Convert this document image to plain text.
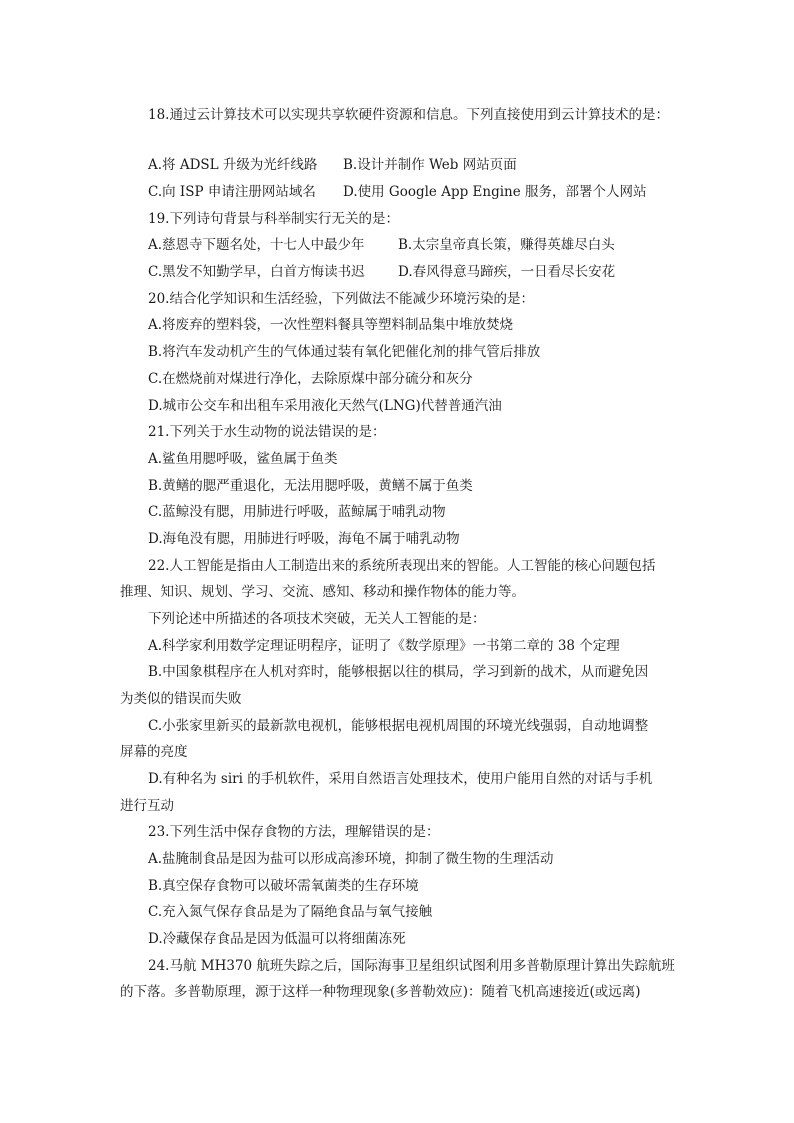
18.通过云计算技术可以实现共享软硬件资源和信息。下列直接使用到云计算技术的是：
A.将 ADSL 升级为光纤线路 B.设计并制作 Web 网站页面
C.向 ISP 申请注册网站域名 D.使用 Google App Engine 服务，部署个人网站
19.下列诗句背景与科举制实行无关的是：
A.慈恩寺下题名处，十七人中最少年 B.太宗皇帝真长策，赚得英雄尽白头
C.黑发不知勤学早，白首方悔读书迟 D.春风得意马蹄疾，一日看尽长安花
20.结合化学知识和生活经验，下列做法不能减少环境污染的是：
A.将废弃的塑料袋，一次性塑料餐具等塑料制品集中堆放焚烧
B.将汽车发动机产生的气体通过装有氧化钯催化剂的排气管后排放
C.在燃烧前对煤进行净化，去除原煤中部分硫分和灰分
D.城市公交车和出租车采用液化天然气(LNG)代替普通汽油
21.下列关于水生动物的说法错误的是：
A.鲨鱼用腮呼吸，鲨鱼属于鱼类
B.黄鳝的腮严重退化，无法用腮呼吸，黄鳝不属于鱼类
C.蓝鲸没有腮，用肺进行呼吸，蓝鲸属于哺乳动物
D.海龟没有腮，用肺进行呼吸，海龟不属于哺乳动物
22.人工智能是指由人工制造出来的系统所表现出来的智能。人工智能的核心问题包括
推理、知识、规划、学习、交流、感知、移动和操作物体的能力等。
下列论述中所描述的各项技术突破，无关人工智能的是：
A.科学家利用数学定理证明程序，证明了《数学原理》一书第二章的 38 个定理
B.中国象棋程序在人机对弈时，能够根据以往的棋局，学习到新的战术，从而避免因
为类似的错误而失败
C.小张家里新买的最新款电视机，能够根据电视机周围的环境光线强弱，自动地调整
屏幕的亮度
D.有种名为 siri 的手机软件，采用自然语言处理技术，使用户能用自然的对话与手机
进行互动
23.下列生活中保存食物的方法，理解错误的是：
A.盐腌制食品是因为盐可以形成高渗环境，抑制了微生物的生理活动
B.真空保存食物可以破坏需氧菌类的生存环境
C.充入氮气保存食品是为了隔绝食品与氧气接触
D.冷藏保存食品是因为低温可以将细菌冻死
24.马航 MH370 航班失踪之后，国际海事卫星组织试图利用多普勒原理计算出失踪航班
的下落。多普勒原理，源于这样一种物理现象(多普勒效应)：随着飞机高速接近(或远离)
